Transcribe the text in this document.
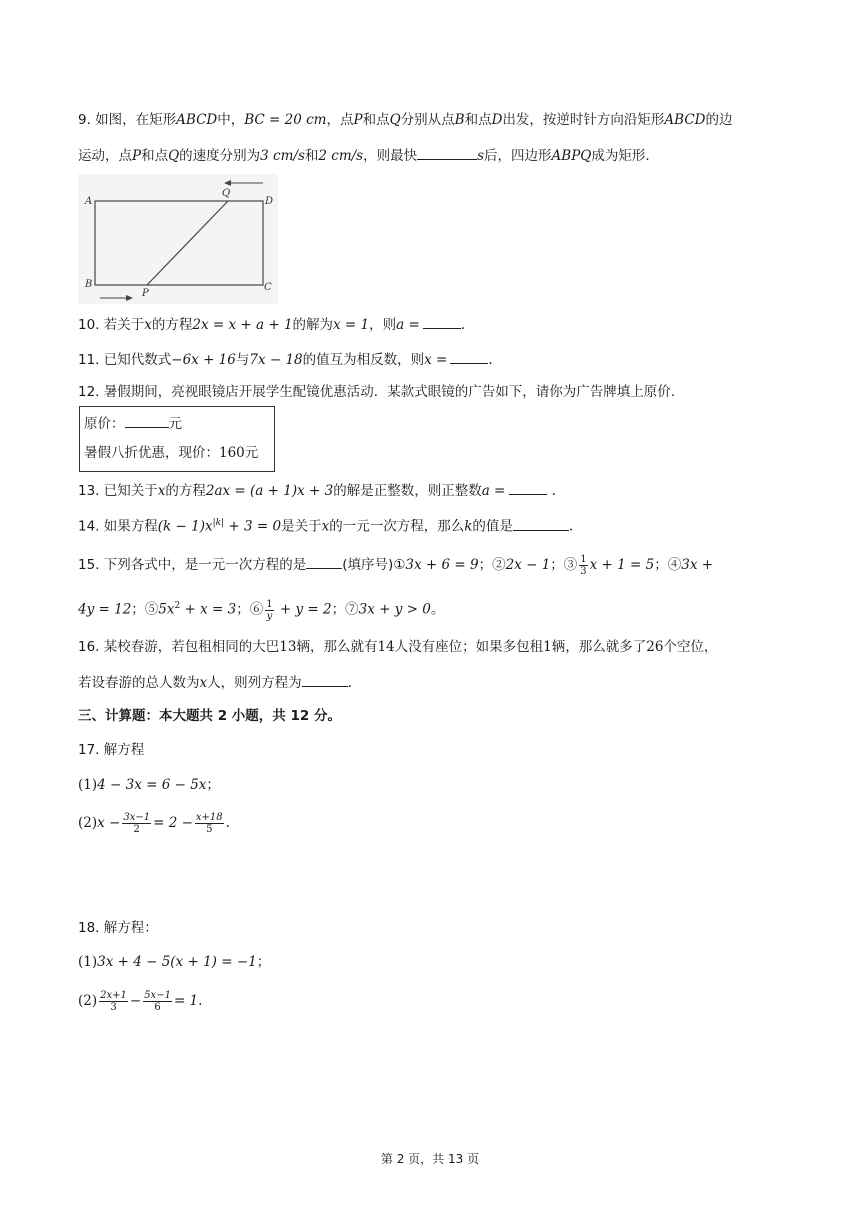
9. 如图，在矩形ABCD中，BC = 20 cm，点P和点Q分别从点B和点D出发，按逆时针方向沿矩形ABCD的边
运动，点P和点Q的速度分别为3 cm/s和2 cm/s，则最快	s后，四边形ABPQ成为矩形.
A
B	C
D
P
Q
10. 若关于x的方程2x = x + a + 1的解为x = 1，则a =	.
11. 已知代数式−6x + 16与7x − 18的值互为相反数，则x =	.
12. 暑假期间，亮视眼镜店开展学生配镜优惠活动．某款式眼镜的广告如下，请你为广告牌填上原价.
原价：	元
暑假八折优惠，现价：160元
13. 已知关于x的方程2ax = (a + 1)x + 3的解是正整数，则正整数a =	.
14. 如果方程$(k - 1)x^{|k|} + 3 = 0$是关于x的一元一次方程，那么k的值是	.
15. 下列各式中，是一元一次方程的是	(填序号)①3x + 6 = 9；②2x − 1；③ $\frac{1}{3}$ x + 1 = 5；④3x +
4y = 12；$⑤5x^2 + x = 3$；⑥ $\frac{1}{y} + y = 2$；⑦3x + y > 0。
16. 某校春游，若包租相同的大巴13辆，那么就有14人没有座位；如果多包租1辆，那么就多了26个空位，
若设春游的总人数为x人，则列方程为	.
三、计算题：本大题共 2 小题，共 12 分。
17. 解方程
(1)4 − 3x = 6 − 5x；
$(2)x - \frac{3x-1}{2} = 2 - \frac{x+18}{5}$ .
18. 解方程：
(1)3x + 4 − 5(x + 1) = −1；
$(2) \frac{2x+1}{3} - \frac{5x-1}{6} = 1$.
第 2 页，共 13 页
